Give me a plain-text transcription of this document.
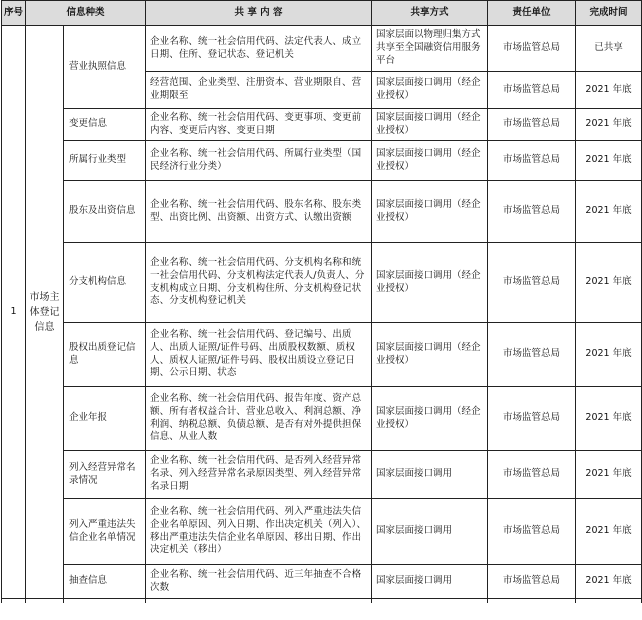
序号	信息种类		共 享 内 容	共享方式	责任单位	完成时间
1	市场主体登记信息	营业执照信息	企业名称、统一社会信用代码、法定代表人、成立日期、住所、登记状态、登记机关	国家层面以物理归集方式共享至全国融资信用服务平台	市场监管总局	已共享
			经营范围、企业类型、注册资本、营业期限自、营业期限至	国家层面接口调用（经企业授权）	市场监管总局	2021 年底
		变更信息	企业名称、统一社会信用代码、变更事项、变更前内容、变更后内容、变更日期	国家层面接口调用（经企业授权）	市场监管总局	2021 年底
		所属行业类型	企业名称、统一社会信用代码、所属行业类型（国民经济行业分类）	国家层面接口调用（经企业授权）	市场监管总局	2021 年底
		股东及出资信息	企业名称、统一社会信用代码、股东名称、股东类型、出资比例、出资额、出资方式、认缴出资额	国家层面接口调用（经企业授权）	市场监管总局	2021 年底
		分支机构信息	企业名称、统一社会信用代码、分支机构名称和统一社会信用代码、分支机构法定代表人/负责人、分支机构成立日期、分支机构住所、分支机构登记状态、分支机构登记机关	国家层面接口调用（经企业授权）	市场监管总局	2021 年底
		股权出质登记信息	企业名称、统一社会信用代码、登记编号、出质人、出质人证照/证件号码、出质股权数额、质权人、质权人证照/证件号码、股权出质设立登记日期、公示日期、状态	国家层面接口调用（经企业授权）	市场监管总局	2021 年底
		企业年报	企业名称、统一社会信用代码、报告年度、资产总额、所有者权益合计、营业总收入、利润总额、净利润、纳税总额、负债总额、是否有对外提供担保信息、从业人数	国家层面接口调用（经企业授权）	市场监管总局	2021 年底
		列入经营异常名录情况	企业名称、统一社会信用代码、是否列入经营异常名录、列入经营异常名录原因类型、列入经营异常名录日期	国家层面接口调用	市场监管总局	2021 年底
		列入严重违法失信企业名单情况	企业名称、统一社会信用代码、列入严重违法失信企业名单原因、列入日期、作出决定机关（列入）、移出严重违法失信企业名单原因、移出日期、作出决定机关（移出）	国家层面接口调用	市场监管总局	2021 年底
		抽查信息	企业名称、统一社会信用代码、近三年抽查不合格次数	国家层面接口调用	市场监管总局	2021 年底
